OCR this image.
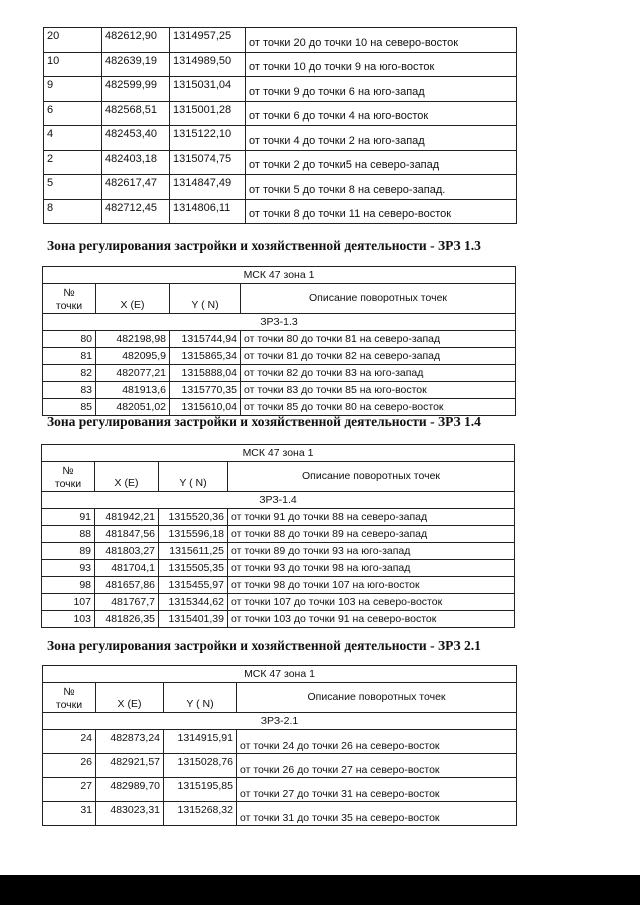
20	482612,90	1314957,25	от точки 20 до точки 10 на северо-восток
10	482639,19	1314989,50	от точки 10 до точки 9 на юго-восток
9	482599,99	1315031,04	от точки 9 до точки 6 на юго-запад
6	482568,51	1315001,28	от точки 6 до точки 4 на юго-восток
4	482453,40	1315122,10	от точки 4 до точки 2 на юго-запад
2	482403,18	1315074,75	от точки 2 до точки5 на северо-запад
5	482617,47	1314847,49	от точки 5 до точки 8 на северо-запад.
8	482712,45	1314806,11	от точки 8 до точки 11 на северо-восток
Зона регулирования застройки и хозяйственной деятельности - ЗРЗ 1.3
МСК 47 зона 1			

№
точки	X (E)	Y ( N)	Описание поворотных точек
ЗРЗ-1.3			
80	482198,98	1315744,94	от точки 80 до точки 81 на северо-запад
81	482095,9	1315865,34	от точки 81 до точки 82 на северо-запад
82	482077,21	1315888,04	от точки 82 до точки 83 на юго-запад
83	481913,6	1315770,35	от точки 83 до точки 85 на юго-восток
85	482051,02	1315610,04	от точки 85 до точки 80 на северо-восток
Зона регулирования застройки и хозяйственной деятельности - ЗРЗ 1.4
МСК 47 зона 1			

№
точки	X (E)	Y ( N)	Описание поворотных точек
ЗРЗ-1.4			
91	481942,21	1315520,36	от точки 91 до точки 88 на северо-запад
88	481847,56	1315596,18	от точки 88 до точки 89 на северо-запад
89	481803,27	1315611,25	от точки 89 до точки 93 на юго-запад
93	481704,1	1315505,35	от точки 93 до точки 98 на юго-запад
98	481657,86	1315455,97	от точки 98 до точки 107 на юго-восток
107	481767,7	1315344,62	от точки 107 до точки 103 на северо-восток
103	481826,35	1315401,39	от точки 103 до точки 91 на северо-восток
Зона регулирования застройки и хозяйственной деятельности - ЗРЗ 2.1
МСК 47 зона 1			

№
точки	X (E)	Y ( N)	Описание поворотных точек
ЗРЗ-2.1			
24	482873,24	1314915,91	от точки 24 до точки 26 на северо-восток
26	482921,57	1315028,76	от точки 26 до точки 27 на северо-восток
27	482989,70	1315195,85	от точки 27 до точки 31 на северо-восток
31	483023,31	1315268,32	от точки 31 до точки 35 на северо-восток
